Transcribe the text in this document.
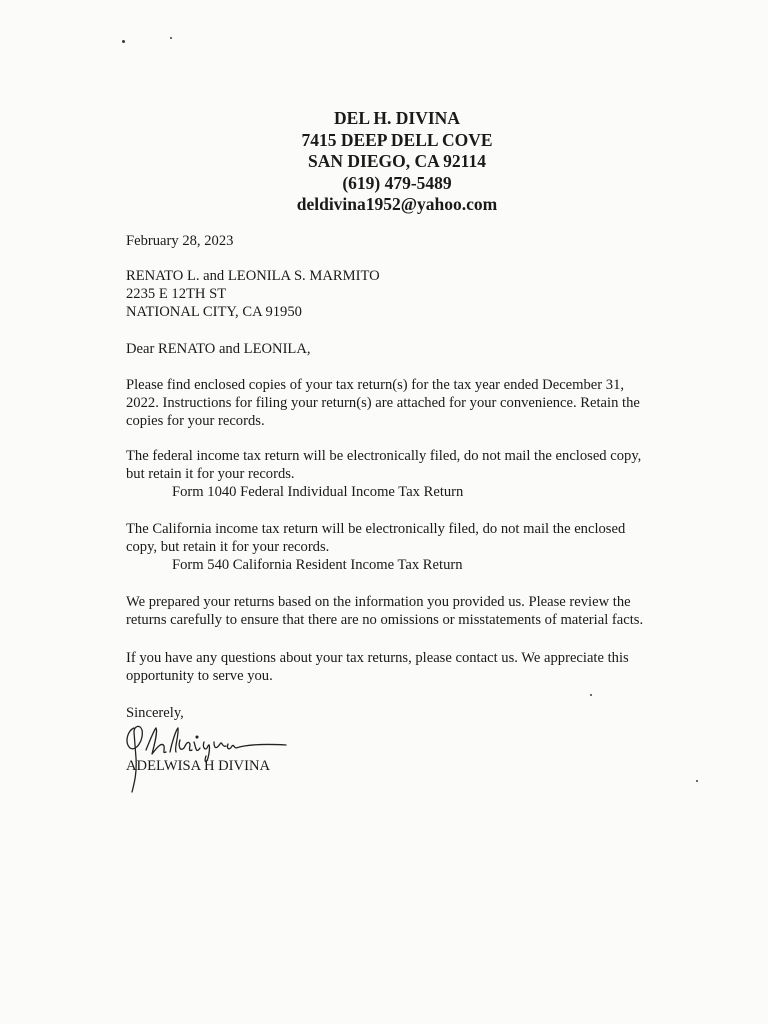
DEL H. DIVINA
7415 DEEP DELL COVE
SAN DIEGO, CA 92114
(619) 479-5489
deldivina1952@yahoo.com
February 28, 2023
RENATO L. and LEONILA S. MARMITO
2235 E 12TH ST
NATIONAL CITY, CA 91950
Dear RENATO and LEONILA,
Please find enclosed copies of your tax return(s) for the tax year ended December 31,
2022. Instructions for filing your return(s) are attached for your convenience. Retain the
copies for your records.
The federal income tax return will be electronically filed, do not mail the enclosed copy,
but retain it for your records.
Form 1040 Federal Individual Income Tax Return
The California income tax return will be electronically filed, do not mail the enclosed
copy, but retain it for your records.
Form 540 California Resident Income Tax Return
We prepared your returns based on the information you provided us. Please review the
returns carefully to ensure that there are no omissions or misstatements of material facts.
If you have any questions about your tax returns, please contact us. We appreciate this
opportunity to serve you.
Sincerely,
ADELWISA H DIVINA
